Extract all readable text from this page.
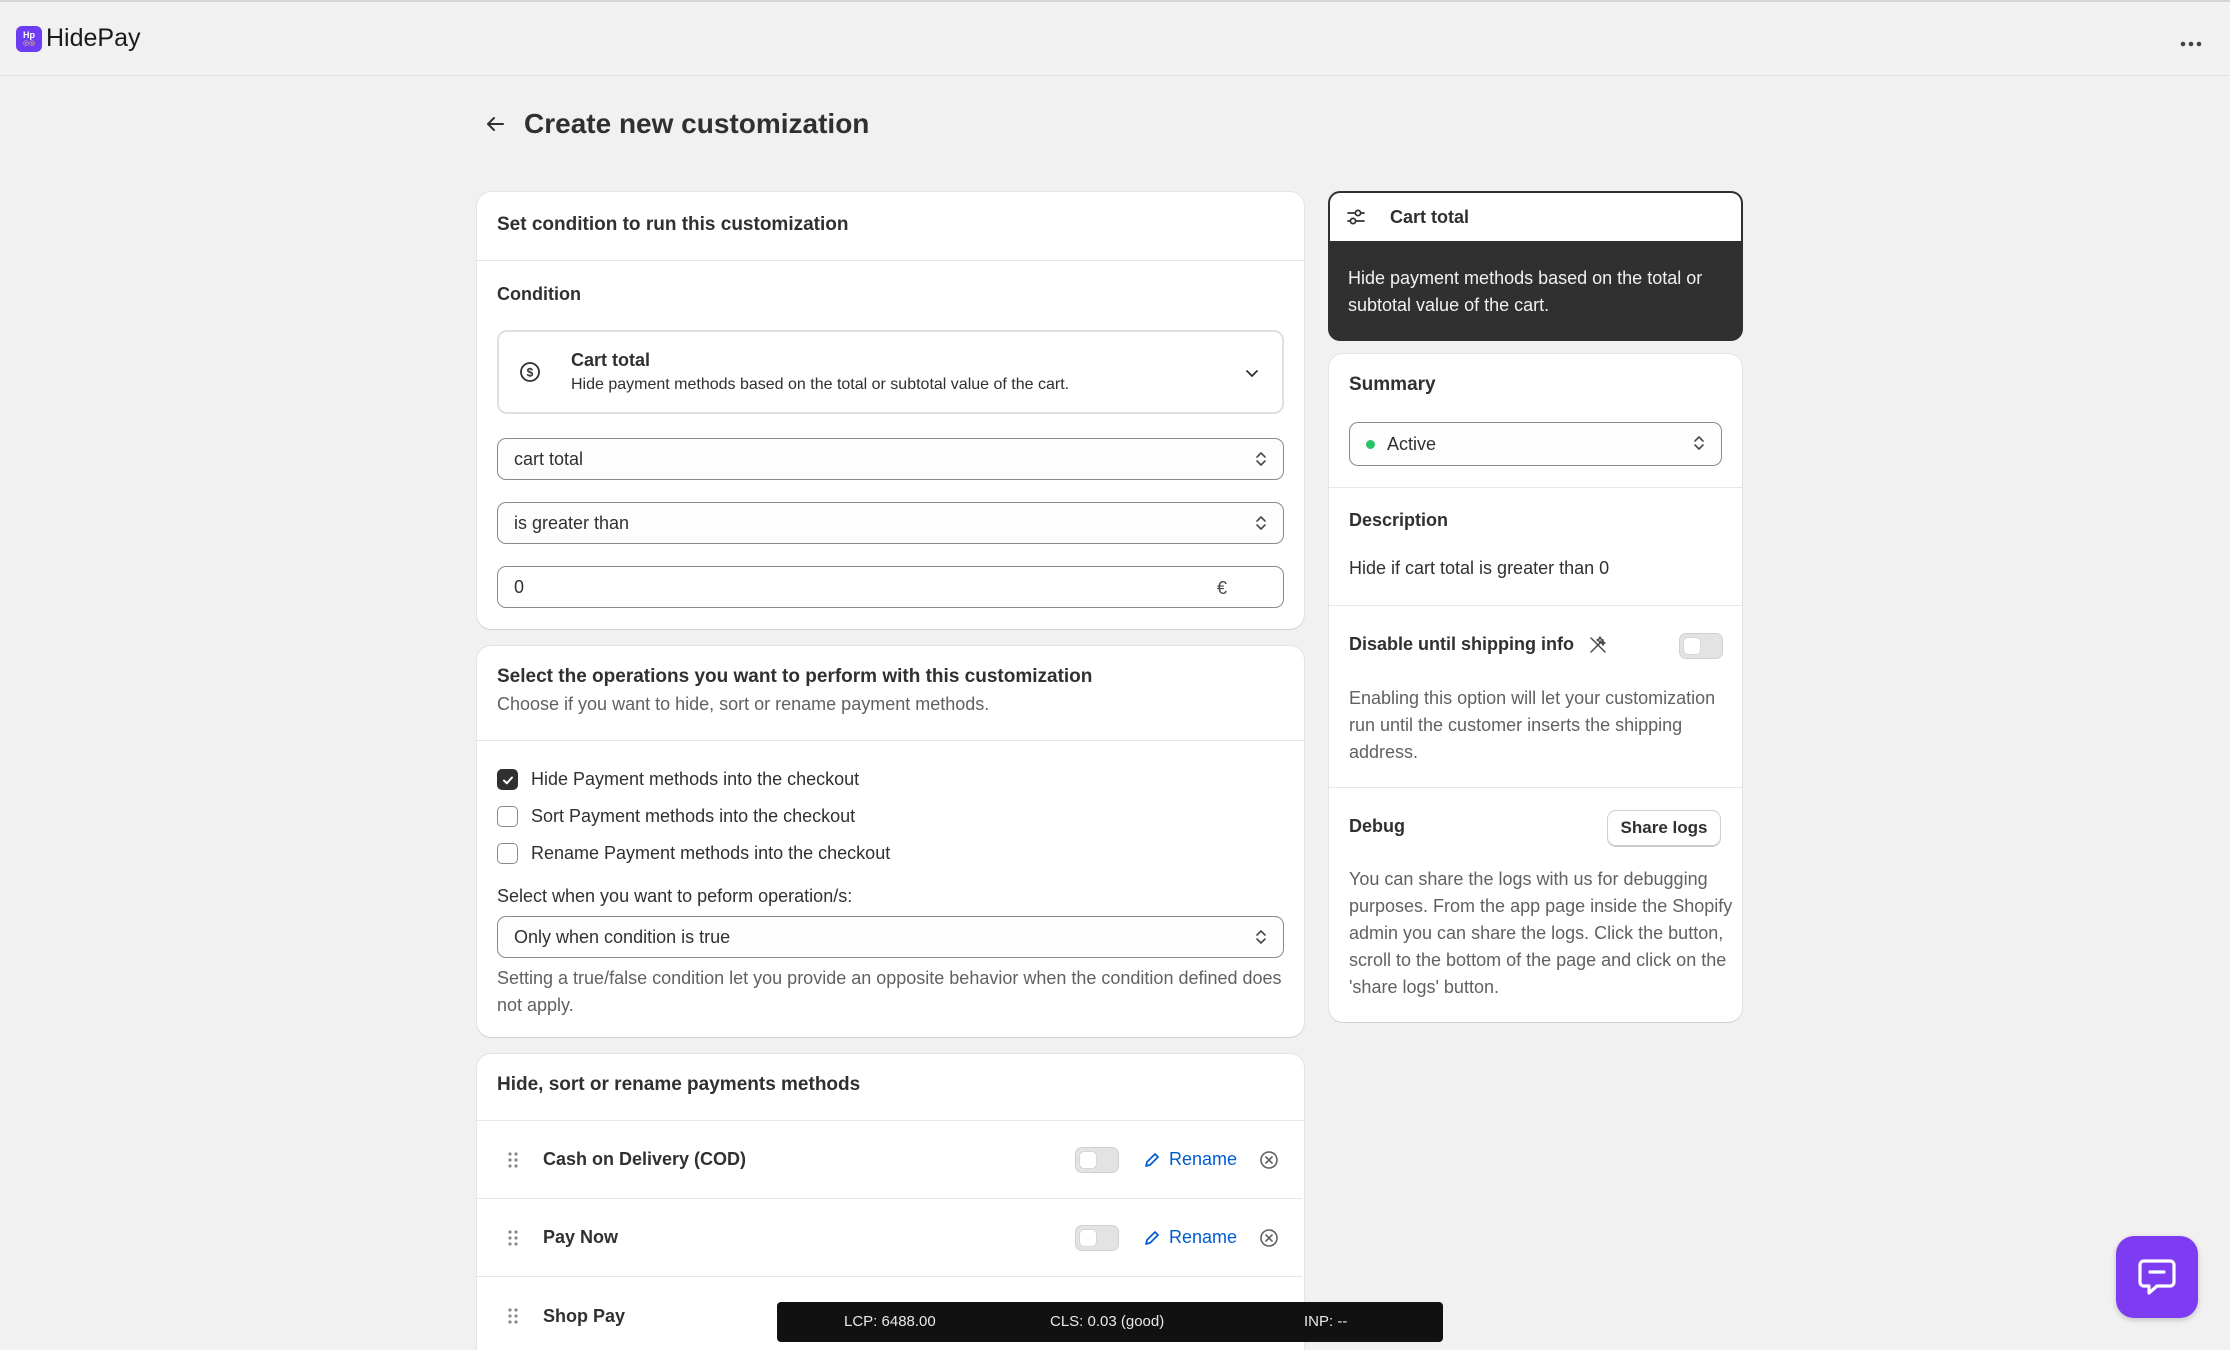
Hp
◎◎ HidePay
Create new customization
Set condition to run this customization
Condition
$
Cart total
Hide payment methods based on the total or subtotal value of the cart.
cart total
is greater than
0	€
Select the operations you want to perform with this customization
Choose if you want to hide, sort or rename payment methods.
Hide Payment methods into the checkout
Sort Payment methods into the checkout
Rename Payment methods into the checkout
Select when you want to peform operation/s:
Only when condition is true
Setting a true/false condition let you provide an opposite behavior when the condition defined does not apply.
Hide, sort or rename payments methods
Cash on Delivery (COD)	Rename
Pay Now	Rename
Shop Pay
Cart total
Hide payment methods based on the total or subtotal value of the cart.
Summary
Active
Description
Hide if cart total is greater than 0
Disable until shipping info
Enabling this option will let your customization run until the customer inserts the shipping address.
Debug	Share logs
You can share the logs with us for debugging purposes. From the app page inside the Shopify admin you can share the logs. Click the button, scroll to the bottom of the page and click on the 'share logs' button.
LCP: 6488.00	CLS: 0.03 (good)	INP: --
